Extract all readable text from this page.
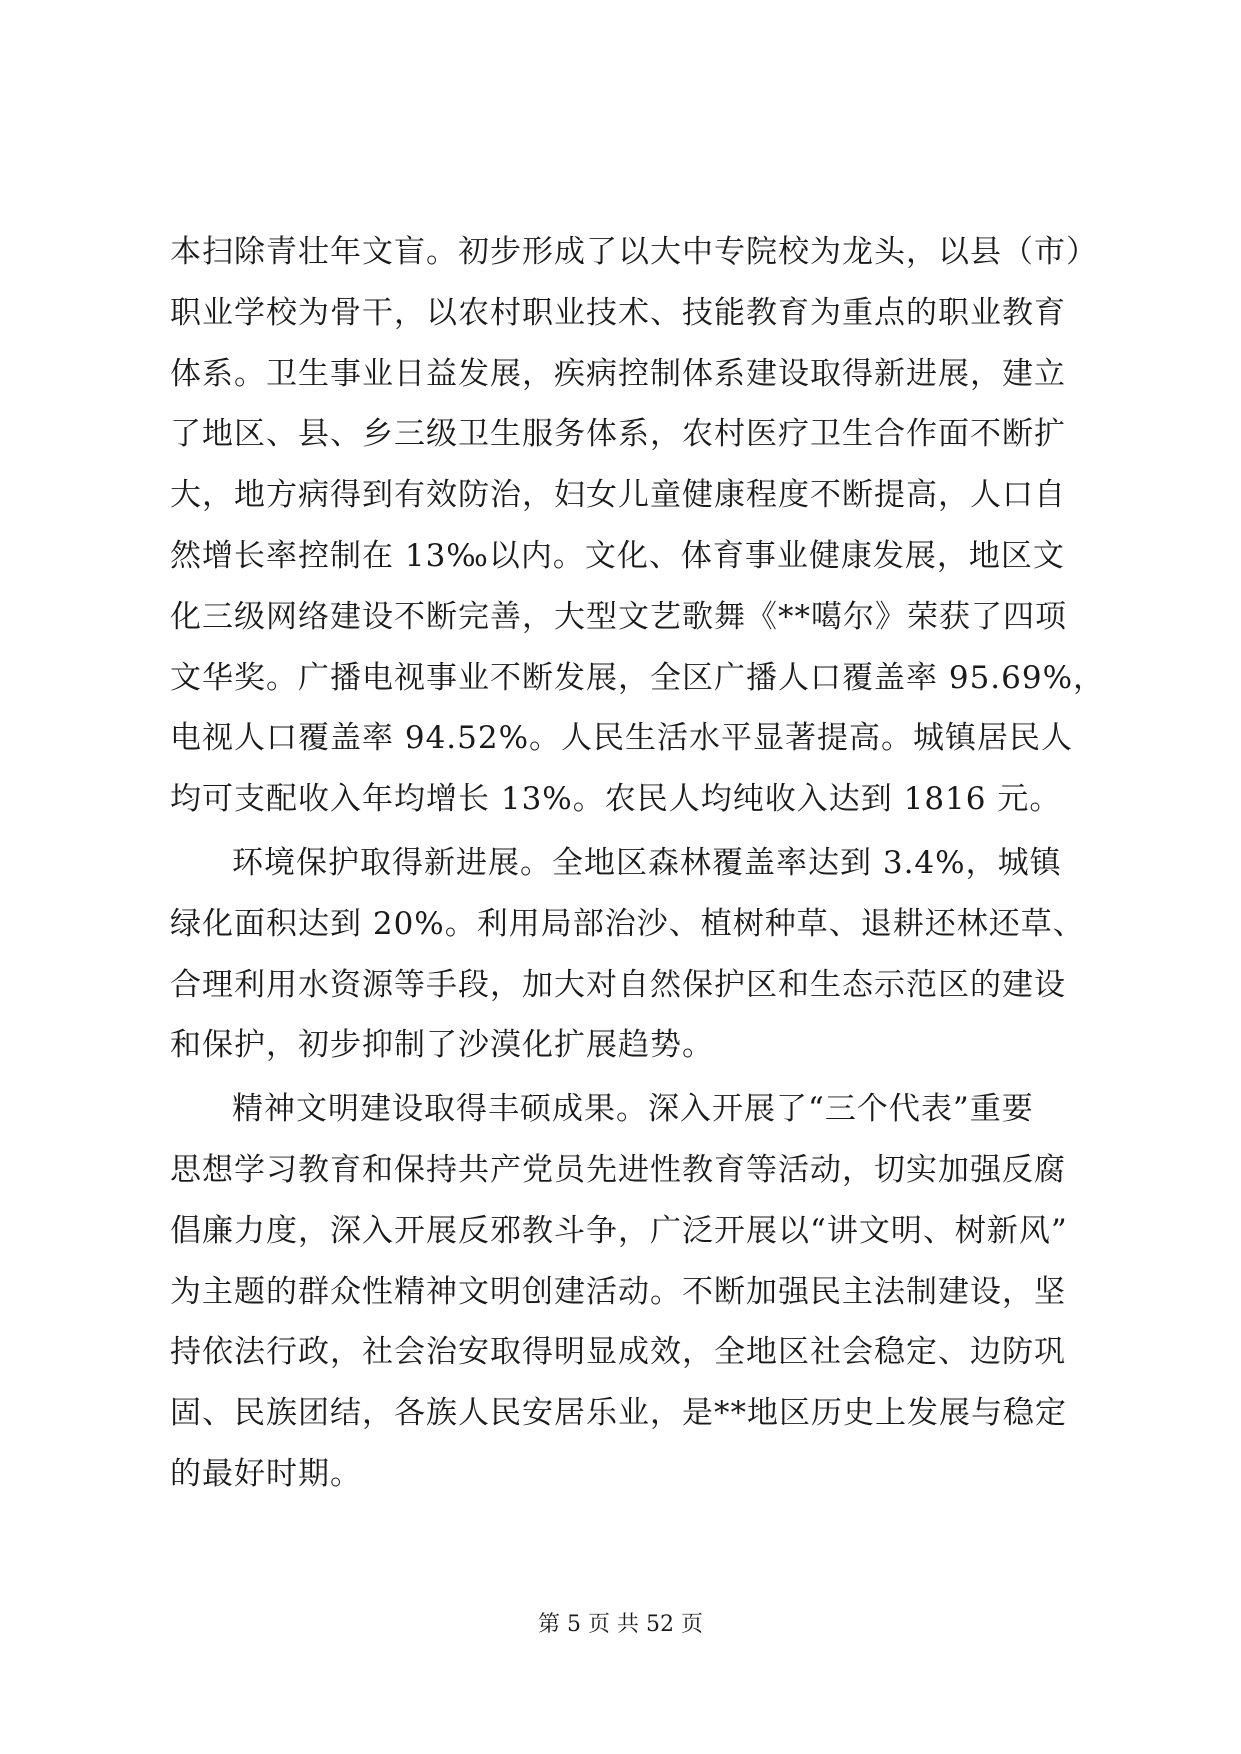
本扫除青壮年文盲。初步形成了以大中专院校为龙头，以县（市）
职业学校为骨干，以农村职业技术、技能教育为重点的职业教育
体系。卫生事业日益发展，疾病控制体系建设取得新进展，建立
了地区、县、乡三级卫生服务体系，农村医疗卫生合作面不断扩
大，地方病得到有效防治，妇女儿童健康程度不断提高，人口自
然增长率控制在 13‰以内。文化、体育事业健康发展，地区文
化三级网络建设不断完善，大型文艺歌舞《**噶尔》荣获了四项
文华奖。广播电视事业不断发展，全区广播人口覆盖率 95.69%，
电视人口覆盖率 94.52%。人民生活水平显著提高。城镇居民人
均可支配收入年均增长 13%。农民人均纯收入达到 1816 元。
环境保护取得新进展。全地区森林覆盖率达到 3.4%，城镇
绿化面积达到 20%。利用局部治沙、植树种草、退耕还林还草、
合理利用水资源等手段，加大对自然保护区和生态示范区的建设
和保护，初步抑制了沙漠化扩展趋势。
精神文明建设取得丰硕成果。深入开展了“三个代表”重要
思想学习教育和保持共产党员先进性教育等活动，切实加强反腐
倡廉力度，深入开展反邪教斗争，广泛开展以“讲文明、树新风”
为主题的群众性精神文明创建活动。不断加强民主法制建设，坚
持依法行政，社会治安取得明显成效，全地区社会稳定、边防巩
固、民族团结，各族人民安居乐业，是**地区历史上发展与稳定
的最好时期。
第 5 页 共 52 页
